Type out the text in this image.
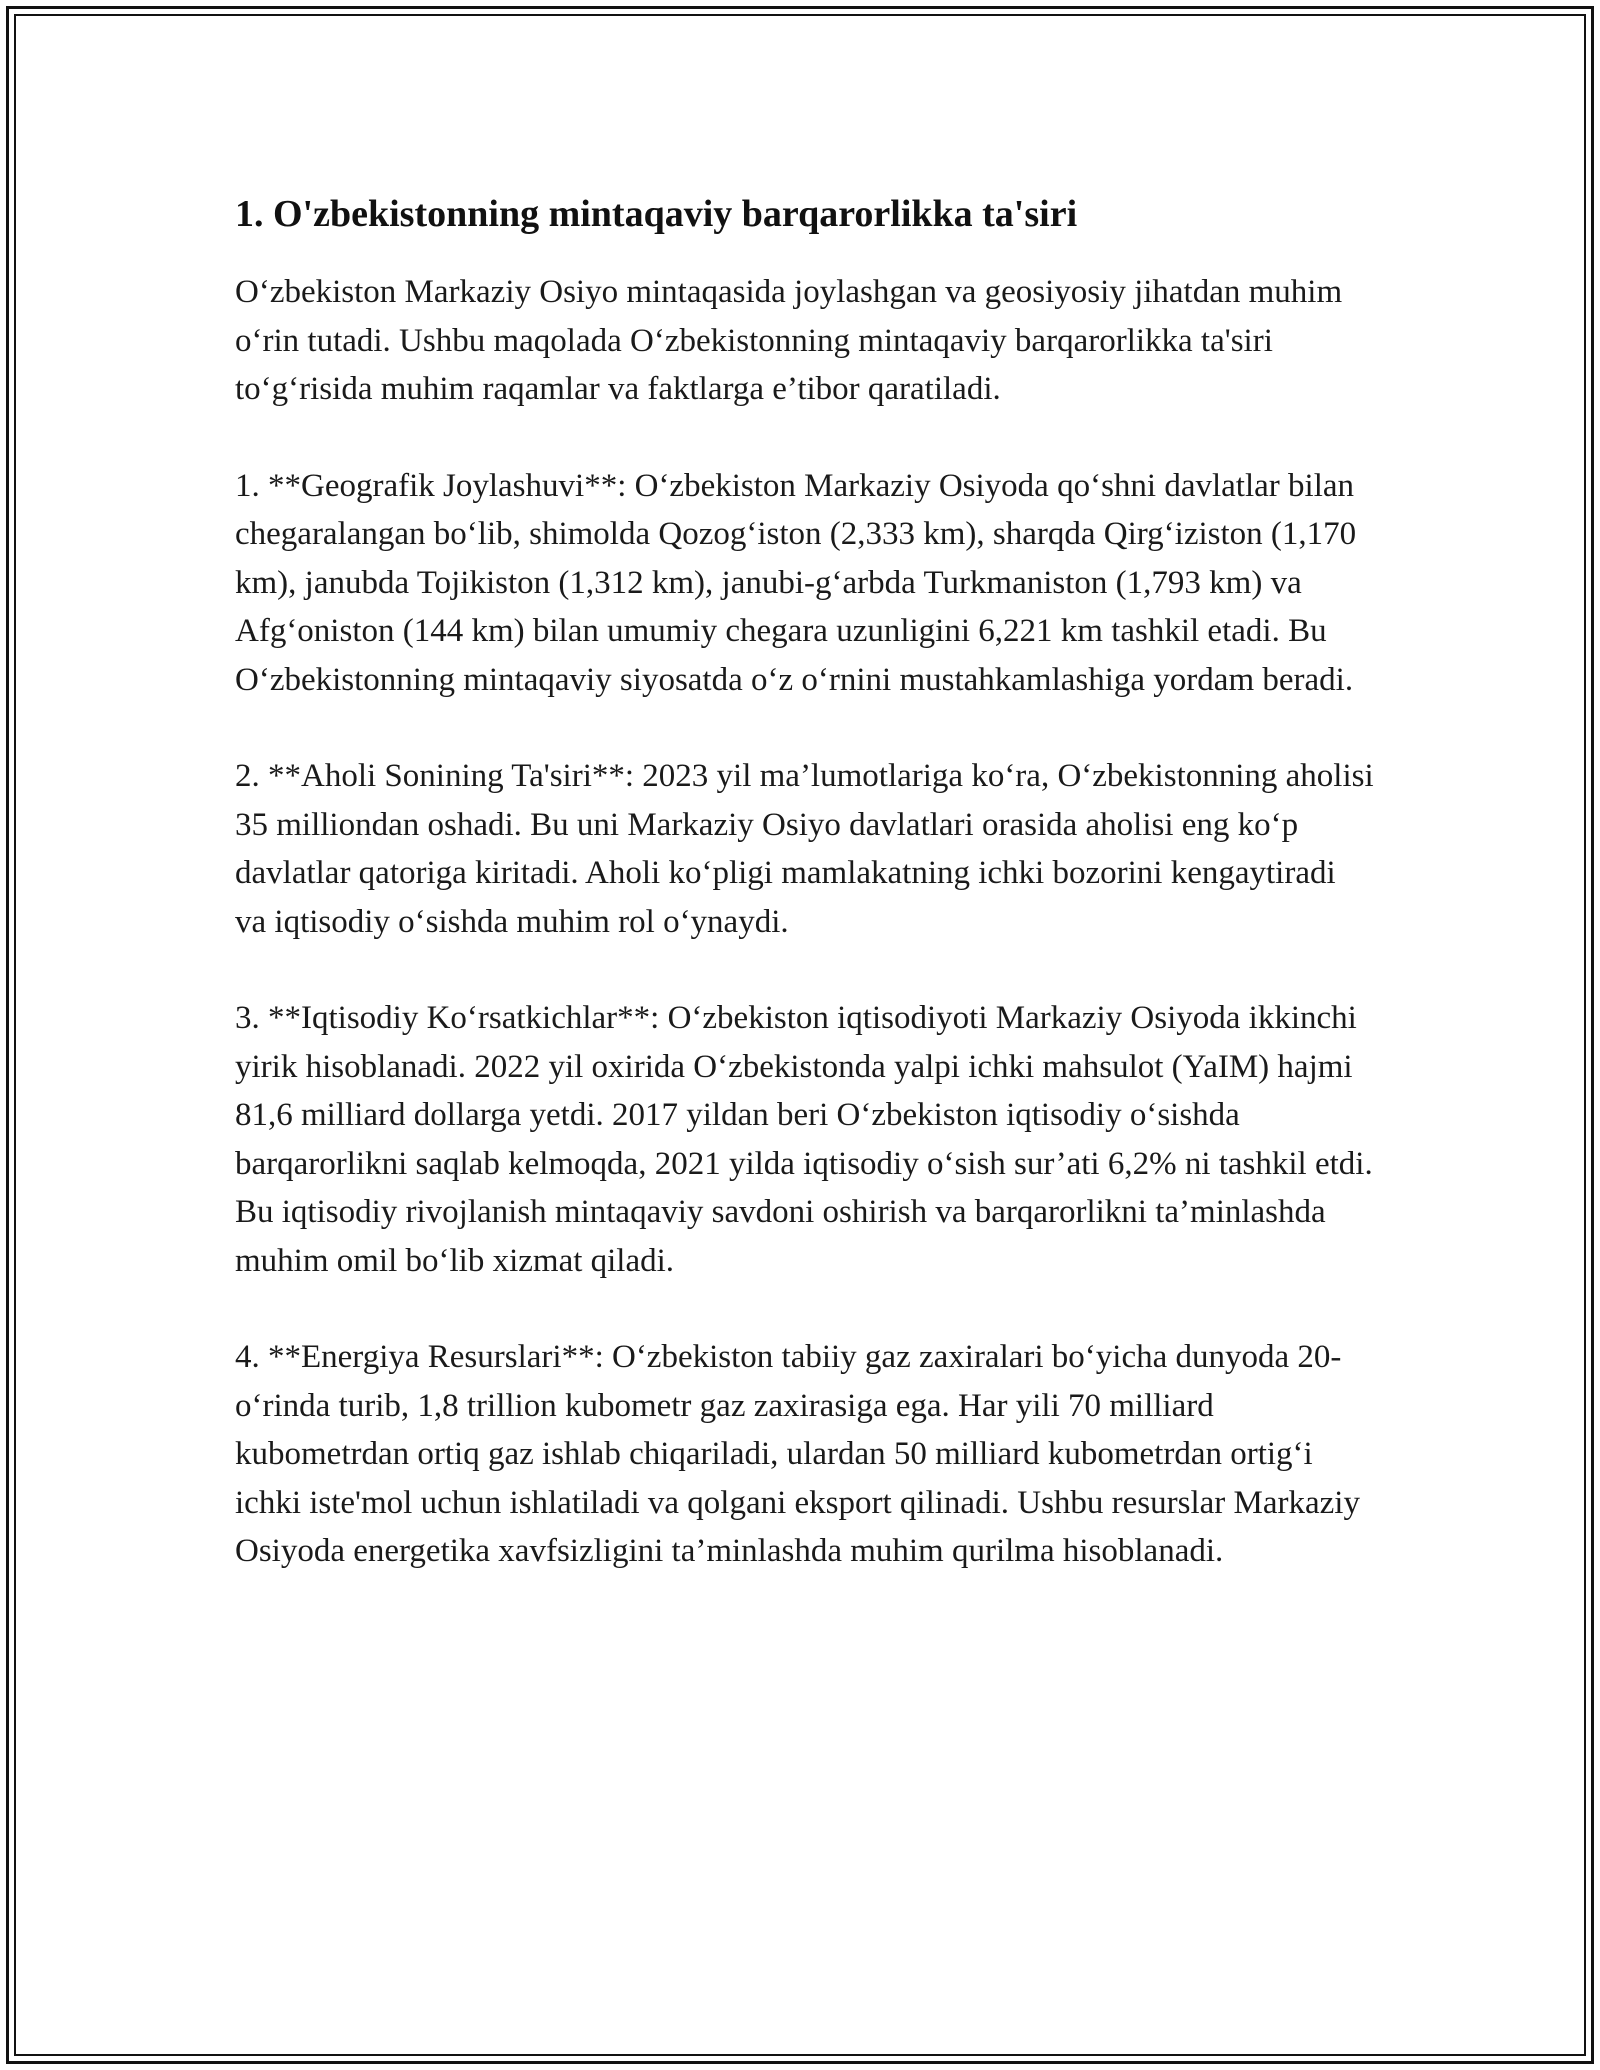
1. O'zbekistonning mintaqaviy barqarorlikka ta'siri

O‘zbekiston Markaziy Osiyo mintaqasida joylashgan va geosiyosiy jihatdan muhim o‘rin tutadi. Ushbu maqolada O‘zbekistonning mintaqaviy barqarorlikka ta'siri to‘g‘risida muhim raqamlar va faktlarga e’tibor qaratiladi.

1. **Geografik Joylashuvi**: O‘zbekiston Markaziy Osiyoda qo‘shni davlatlar bilan chegaralangan bo‘lib, shimolda Qozog‘iston (2,333 km), sharqda Qirg‘iziston (1,170 km), janubda Tojikiston (1,312 km), janubi-g‘arbda Turkmaniston (1,793 km) va Afg‘oniston (144 km) bilan umumiy chegara uzunligini 6,221 km tashkil etadi. Bu O‘zbekistonning mintaqaviy siyosatda o‘z o‘rnini mustahkamlashiga yordam beradi.

2. **Aholi Sonining Ta'siri**: 2023 yil ma’lumotlariga ko‘ra, O‘zbekistonning aholisi 35 milliondan oshadi. Bu uni Markaziy Osiyo davlatlari orasida aholisi eng ko‘p davlatlar qatoriga kiritadi. Aholi ko‘pligi mamlakatning ichki bozorini kengaytiradi va iqtisodiy o‘sishda muhim rol o‘ynaydi.

3. **Iqtisodiy Ko‘rsatkichlar**: O‘zbekiston iqtisodiyoti Markaziy Osiyoda ikkinchi yirik hisoblanadi. 2022 yil oxirida O‘zbekistonda yalpi ichki mahsulot (YaIM) hajmi 81,6 milliard dollarga yetdi. 2017 yildan beri O‘zbekiston iqtisodiy o‘sishda barqarorlikni saqlab kelmoqda, 2021 yilda iqtisodiy o‘sish sur’ati 6,2% ni tashkil etdi. Bu iqtisodiy rivojlanish mintaqaviy savdoni oshirish va barqarorlikni ta’minlashda muhim omil bo‘lib xizmat qiladi.

4. **Energiya Resurslari**: O‘zbekiston tabiiy gaz zaxiralari bo‘yicha dunyoda 20-o‘rinda turib, 1,8 trillion kubometr gaz zaxirasiga ega. Har yili 70 milliard kubometrdan ortiq gaz ishlab chiqariladi, ulardan 50 milliard kubometrdan ortig‘i ichki iste'mol uchun ishlatiladi va qolgani eksport qilinadi. Ushbu resurslar Markaziy Osiyoda energetika xavfsizligini ta’minlashda muhim qurilma hisoblanadi.
